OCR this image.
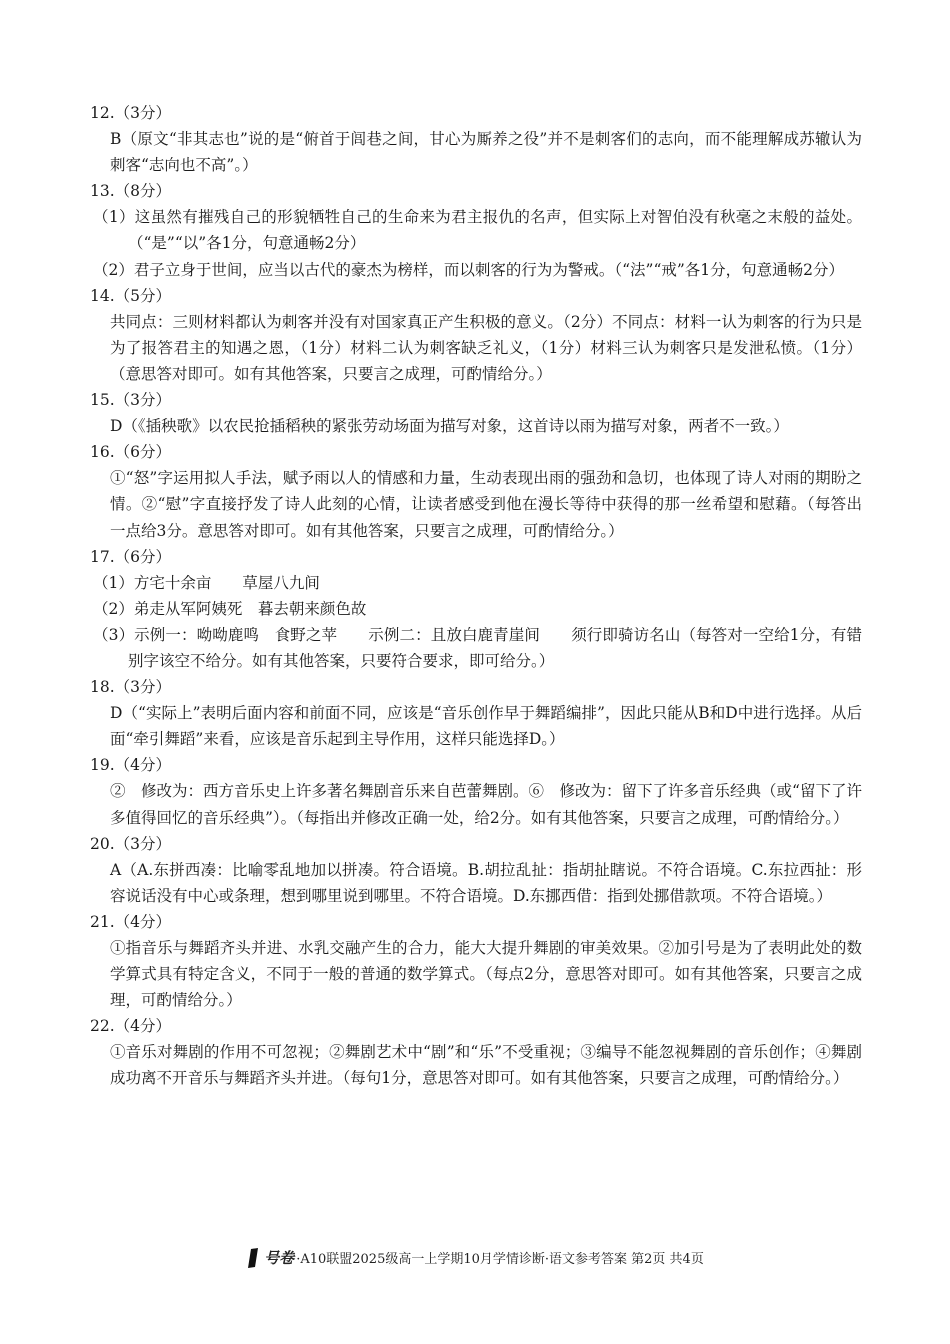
12.（3分）
B（原文“非其志也”说的是“俯首于闾巷之间，甘心为厮养之役”并不是刺客们的志向，而不能理解成苏辙认为刺客“志向也不高”。）
13.（8分）
（1）这虽然有摧残自己的形貌牺牲自己的生命来为君主报仇的名声，但实际上对智伯没有秋毫之末般的益处。（“是”“以”各1分，句意通畅2分）
（2）君子立身于世间，应当以古代的豪杰为榜样，而以刺客的行为为警戒。（“法”“戒”各1分，句意通畅2分）
14.（5分）
共同点：三则材料都认为刺客并没有对国家真正产生积极的意义。（2分）不同点：材料一认为刺客的行为只是为了报答君主的知遇之恩，（1分）材料二认为刺客缺乏礼义，（1分）材料三认为刺客只是发泄私愤。（1分）（意思答对即可。如有其他答案，只要言之成理，可酌情给分。）
15.（3分）
D（《插秧歌》以农民抢插稻秧的紧张劳动场面为描写对象，这首诗以雨为描写对象，两者不一致。）
16.（6分）
①“怒”字运用拟人手法，赋予雨以人的情感和力量，生动表现出雨的强劲和急切，也体现了诗人对雨的期盼之情。②“慰”字直接抒发了诗人此刻的心情，让读者感受到他在漫长等待中获得的那一丝希望和慰藉。（每答出一点给3分。意思答对即可。如有其他答案，只要言之成理，可酌情给分。）
17.（6分）
（1）方宅十余亩　　草屋八九间
（2）弟走从军阿姨死　暮去朝来颜色故
（3）示例一：呦呦鹿鸣　食野之苹　　示例二：且放白鹿青崖间　　须行即骑访名山（每答对一空给1分，有错别字该空不给分。如有其他答案，只要符合要求，即可给分。）
18.（3分）
D（“实际上”表明后面内容和前面不同，应该是“音乐创作早于舞蹈编排”，因此只能从B和D中进行选择。从后面“牵引舞蹈”来看，应该是音乐起到主导作用，这样只能选择D。）
19.（4分）
②　修改为：西方音乐史上许多著名舞剧音乐来自芭蕾舞剧。⑥　修改为：留下了许多音乐经典（或“留下了许多值得回忆的音乐经典”）。（每指出并修改正确一处，给2分。如有其他答案，只要言之成理，可酌情给分。）
20.（3分）
A（A.东拼西凑：比喻零乱地加以拼凑。符合语境。B.胡拉乱扯：指胡扯瞎说。不符合语境。C.东拉西扯：形容说话没有中心或条理，想到哪里说到哪里。不符合语境。D.东挪西借：指到处挪借款项。不符合语境。）
21.（4分）
①指音乐与舞蹈齐头并进、水乳交融产生的合力，能大大提升舞剧的审美效果。②加引号是为了表明此处的数学算式具有特定含义，不同于一般的普通的数学算式。（每点2分，意思答对即可。如有其他答案，只要言之成理，可酌情给分。）
22.（4分）
①音乐对舞剧的作用不可忽视；②舞剧艺术中“剧”和“乐”不受重视；③编导不能忽视舞剧的音乐创作；④舞剧成功离不开音乐与舞蹈齐头并进。（每句1分，意思答对即可。如有其他答案，只要言之成理，可酌情给分。）
号卷 ·A10联盟2025级高一上学期10月学情诊断·语文参考答案 第2页 共4页
